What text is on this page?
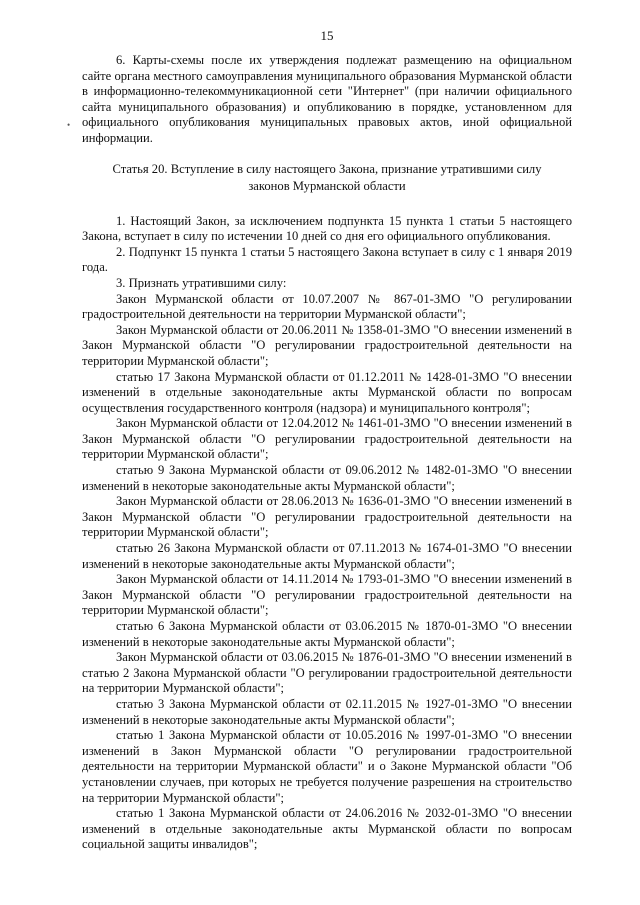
•
15

6. Карты-схемы после их утверждения подлежат размещению на официальном сайте органа местного самоуправления муниципального образования Мурманской области в информационно-телекоммуникационной сети "Интернет" (при наличии официального сайта муниципального образования) и опубликованию в порядке, установленном для официального опубликования муниципальных правовых актов, иной официальной информации.

Статья 20. Вступление в силу настоящего Закона, признание утратившими силу законов Мурманской области

1. Настоящий Закон, за исключением подпункта 15 пункта 1 статьи 5 настоящего Закона, вступает в силу по истечении 10 дней со дня его официального опубликования.

2. Подпункт 15 пункта 1 статьи 5 настоящего Закона вступает в силу с 1 января 2019 года.

3. Признать утратившими силу:

Закон Мурманской области от 10.07.2007 № 867-01-ЗМО "О регулировании градостроительной деятельности на территории Мурманской области";

Закон Мурманской области от 20.06.2011 № 1358-01-ЗМО "О внесении изменений в Закон Мурманской области "О регулировании градостроительной деятельности на территории Мурманской области";

статью 17 Закона Мурманской области от 01.12.2011 № 1428-01-ЗМО "О внесении изменений в отдельные законодательные акты Мурманской области по вопросам осуществления государственного контроля (надзора) и муниципального контроля";

Закон Мурманской области от 12.04.2012 № 1461-01-ЗМО "О внесении изменений в Закон Мурманской области "О регулировании градостроительной деятельности на территории Мурманской области";

статью 9 Закона Мурманской области от 09.06.2012 № 1482-01-ЗМО "О внесении изменений в некоторые законодательные акты Мурманской области";

Закон Мурманской области от 28.06.2013 № 1636-01-ЗМО "О внесении изменений в Закон Мурманской области "О регулировании градостроительной деятельности на территории Мурманской области";

статью 26 Закона Мурманской области от 07.11.2013 № 1674-01-ЗМО "О внесении изменений в некоторые законодательные акты Мурманской области";

Закон Мурманской области от 14.11.2014 № 1793-01-ЗМО "О внесении изменений в Закон Мурманской области "О регулировании градостроительной деятельности на территории Мурманской области";

статью 6 Закона Мурманской области от 03.06.2015 № 1870-01-ЗМО "О внесении изменений в некоторые законодательные акты Мурманской области";

Закон Мурманской области от 03.06.2015 № 1876-01-ЗМО "О внесении изменений в статью 2 Закона Мурманской области "О регулировании градостроительной деятельности на территории Мурманской области";

статью 3 Закона Мурманской области от 02.11.2015 № 1927-01-ЗМО "О внесении изменений в некоторые законодательные акты Мурманской области";

статью 1 Закона Мурманской области от 10.05.2016 № 1997-01-ЗМО "О внесении изменений в Закон Мурманской области "О регулировании градостроительной деятельности на территории Мурманской области" и о Законе Мурманской области "Об установлении случаев, при которых не требуется получение разрешения на строительство на территории Мурманской области";

статью 1 Закона Мурманской области от 24.06.2016 № 2032-01-ЗМО "О внесении изменений в отдельные законодательные акты Мурманской области по вопросам социальной защиты инвалидов";
